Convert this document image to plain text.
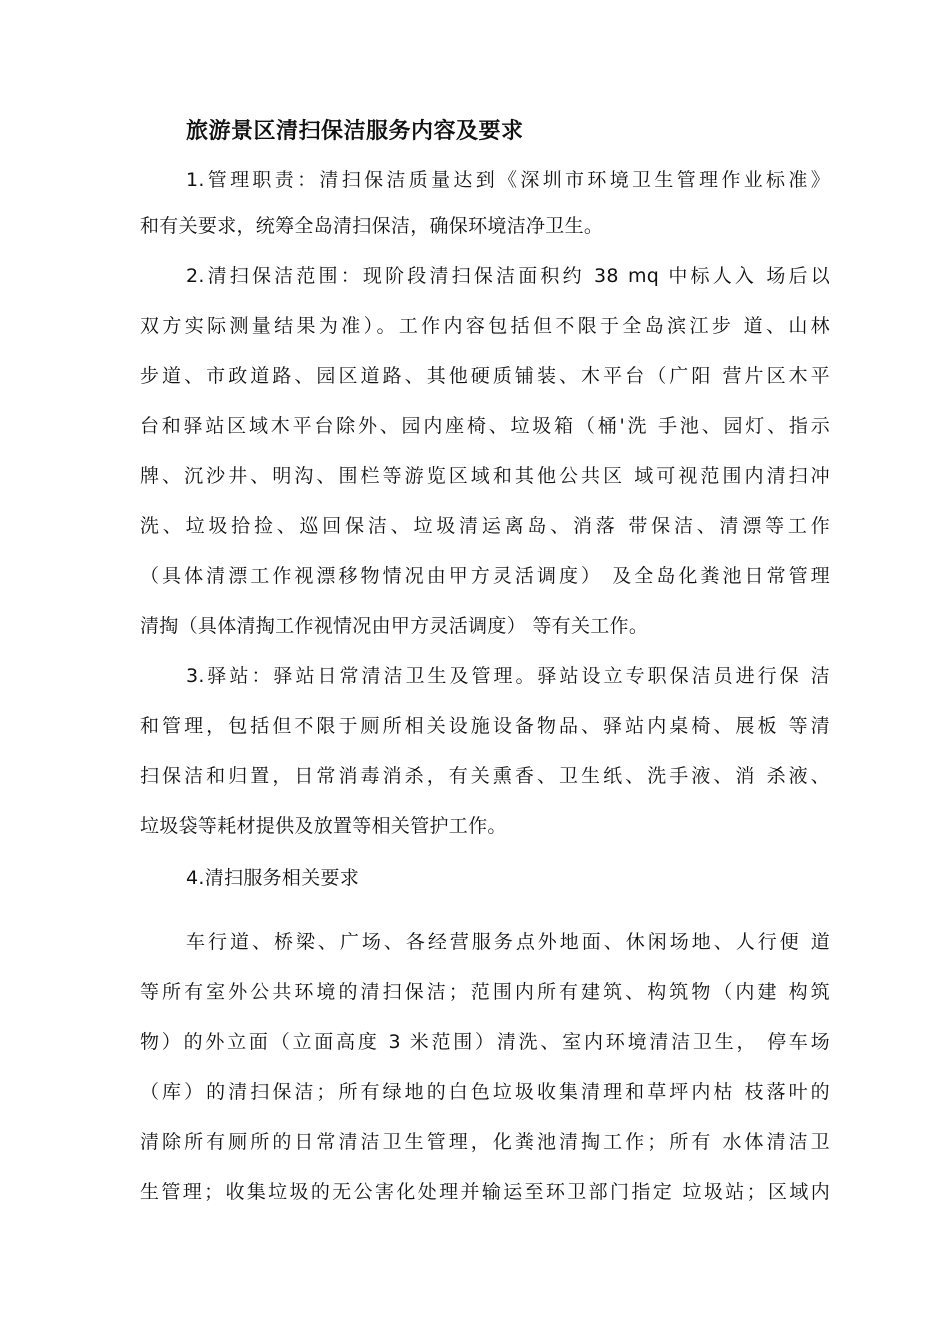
旅游景区清扫保洁服务内容及要求
1.管理职责：清扫保洁质量达到《深圳市环境卫生管理作业标准》
和有关要求，统筹全岛清扫保洁，确保环境洁净卫生。
2.清扫保洁范围：现阶段清扫保洁面积约 38 mq 中标人入 场后以
双方实际测量结果为准）。工作内容包括但不限于全岛滨江步 道、山林
步道、市政道路、园区道路、其他硬质铺装、木平台（广阳 营片区木平
台和驿站区域木平台除外、园内座椅、垃圾箱（桶'洗 手池、园灯、指示
牌、沉沙井、明沟、围栏等游览区域和其他公共区 域可视范围内清扫冲
洗、垃圾拾捡、巡回保洁、垃圾清运离岛、消落 带保洁、清漂等工作
（具体清漂工作视漂移物情况由甲方灵活调度） 及全岛化粪池日常管理
清掏（具体清掏工作视情况由甲方灵活调度） 等有关工作。
3.驿站：驿站日常清洁卫生及管理。驿站设立专职保洁员进行保 洁
和管理，包括但不限于厕所相关设施设备物品、驿站内桌椅、展板 等清
扫保洁和归置，日常消毒消杀，有关熏香、卫生纸、洗手液、消 杀液、
垃圾袋等耗材提供及放置等相关管护工作。
4.清扫服务相关要求
车行道、桥梁、广场、各经营服务点外地面、休闲场地、人行便 道
等所有室外公共环境的清扫保洁；范围内所有建筑、构筑物（内建 构筑
物）的外立面（立面高度 3 米范围）清洗、室内环境清洁卫生， 停车场
（库）的清扫保洁；所有绿地的白色垃圾收集清理和草坪内枯 枝落叶的
清除所有厕所的日常清洁卫生管理，化粪池清掏工作；所有 水体清洁卫
生管理；收集垃圾的无公害化处理并输运至环卫部门指定 垃圾站；区域内
